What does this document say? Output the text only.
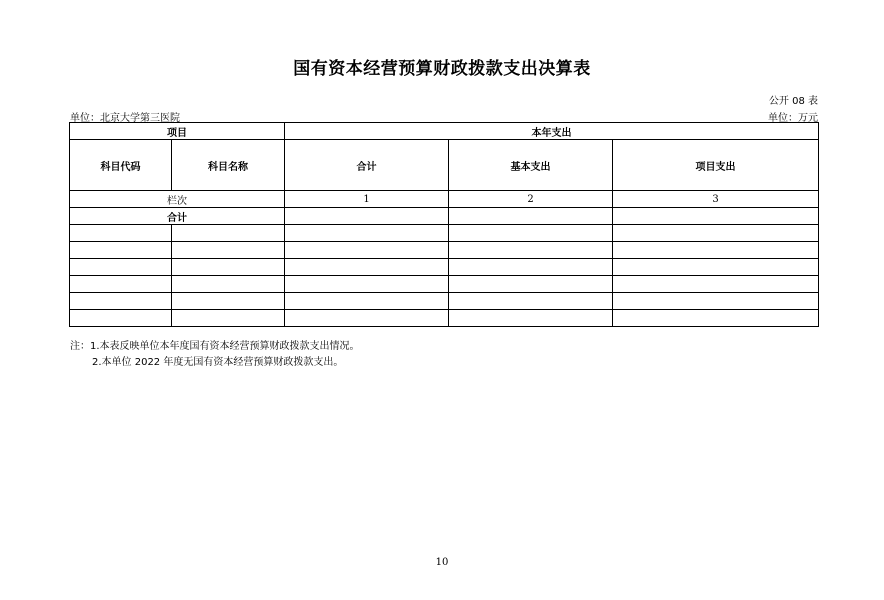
国有资本经营预算财政拨款支出决算表
公开 08 表
单位：北京大学第三医院	单位：万元
项目		本年支出		
科目代码	科目名称	合计	基本支出	项目支出
栏次		1	2	3
合计				

注：1.本表反映单位本年度国有资本经营预算财政拨款支出情况。
2.本单位 2022 年度无国有资本经营预算财政拨款支出。
10
